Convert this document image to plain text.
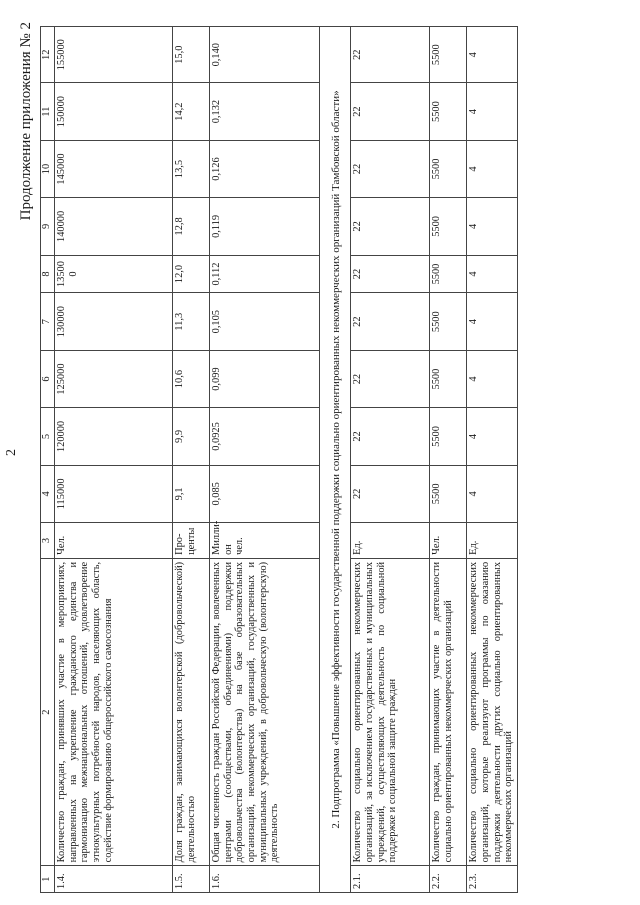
2
Продолжение приложения № 2
1	2	3	4	5	6	7	8	9	10	11	12
1.4.	Количество граждан, принявших участие в мероприятиях, направленных на укрепление гражданского единства и гармонизацию межнациональных отношений, удовлетворение этнокультурных потребностей народов, населяющих область, содействие формированию общероссийского самосознания	Чел.	115000	120000	125000	130000	13500 0	140000	145000	150000	155000
1.5.	Доля граждан, занимающихся волонтерской (добровольческой) деятельностью	Про- центы	9,1	9,9	10,6	11,3	12,0	12,8	13,5	14,2	15,0
1.6.	Общая численность граждан Российской Федерации, вовлеченных центрами (сообществами, объединениями) поддержки добровольчества (волонтерства) на базе образовательных организаций, некоммерческих организаций, государственных и муниципальных учреждений, в добровольческую (волонтерскую) деятельность	Милли- он чел.	0,085	0,0925	0,099	0,105	0,112	0,119	0,126	0,132	0,140
2. Подпрограмма «Повышение эффективности государственной поддержки социально ориентированных некоммерческих организаций Тамбовской области»											
2.1.	Количество социально ориентированных некоммерческих организаций, за исключением государственных и муниципальных учреждений, осуществляющих деятельность по социальной поддержке и социальной защите граждан	Ед.	22	22	22	22	22	22	22	22	22
2.2.	Количество граждан, принимающих участие в деятельности социально ориентированных некоммерческих организаций	Чел.	5500	5500	5500	5500	5500	5500	5500	5500	5500
2.3.	Количество социально ориентированных некоммерческих организаций, которые реализуют программы по оказанию поддержки деятельности других социально ориентированных некоммерческих организаций	Ед.	4	4	4	4	4	4	4	4	4
